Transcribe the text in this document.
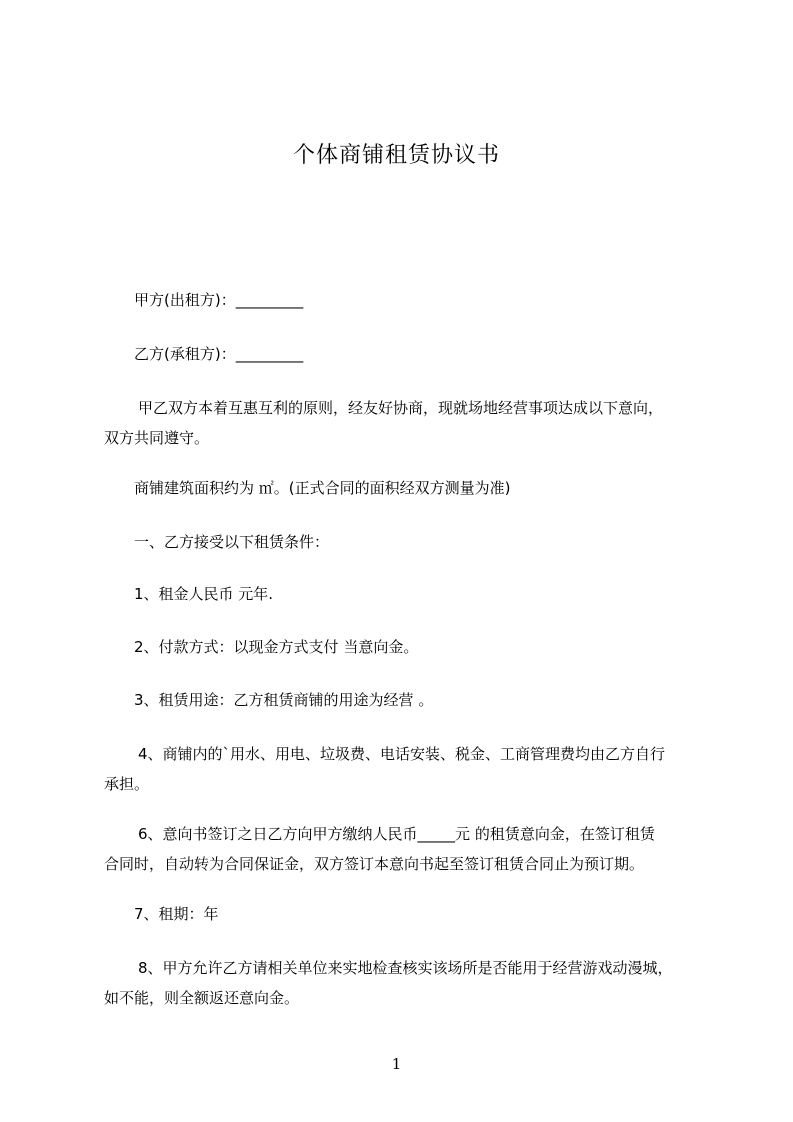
个体商铺租赁协议书
甲方(出租方)：_________
乙方(承租方)：_________
甲乙双方本着互惠互利的原则，经友好协商，现就场地经营事项达成以下意向，
双方共同遵守。
商铺建筑面积约为 ㎡。(正式合同的面积经双方测量为准)
一、乙方接受以下租赁条件：
1、租金人民币 元年.
2、付款方式：以现金方式支付 当意向金。
3、租赁用途：乙方租赁商铺的用途为经营 。
4、商铺内的`用水、用电、垃圾费、电话安装、税金、工商管理费均由乙方自行
承担。
6、意向书签订之日乙方向甲方缴纳人民币_____元 的租赁意向金，在签订租赁
合同时，自动转为合同保证金，双方签订本意向书起至签订租赁合同止为预订期。
7、租期：年
8、甲方允许乙方请相关单位来实地检查核实该场所是否能用于经营游戏动漫城，
如不能，则全额返还意向金。
1
